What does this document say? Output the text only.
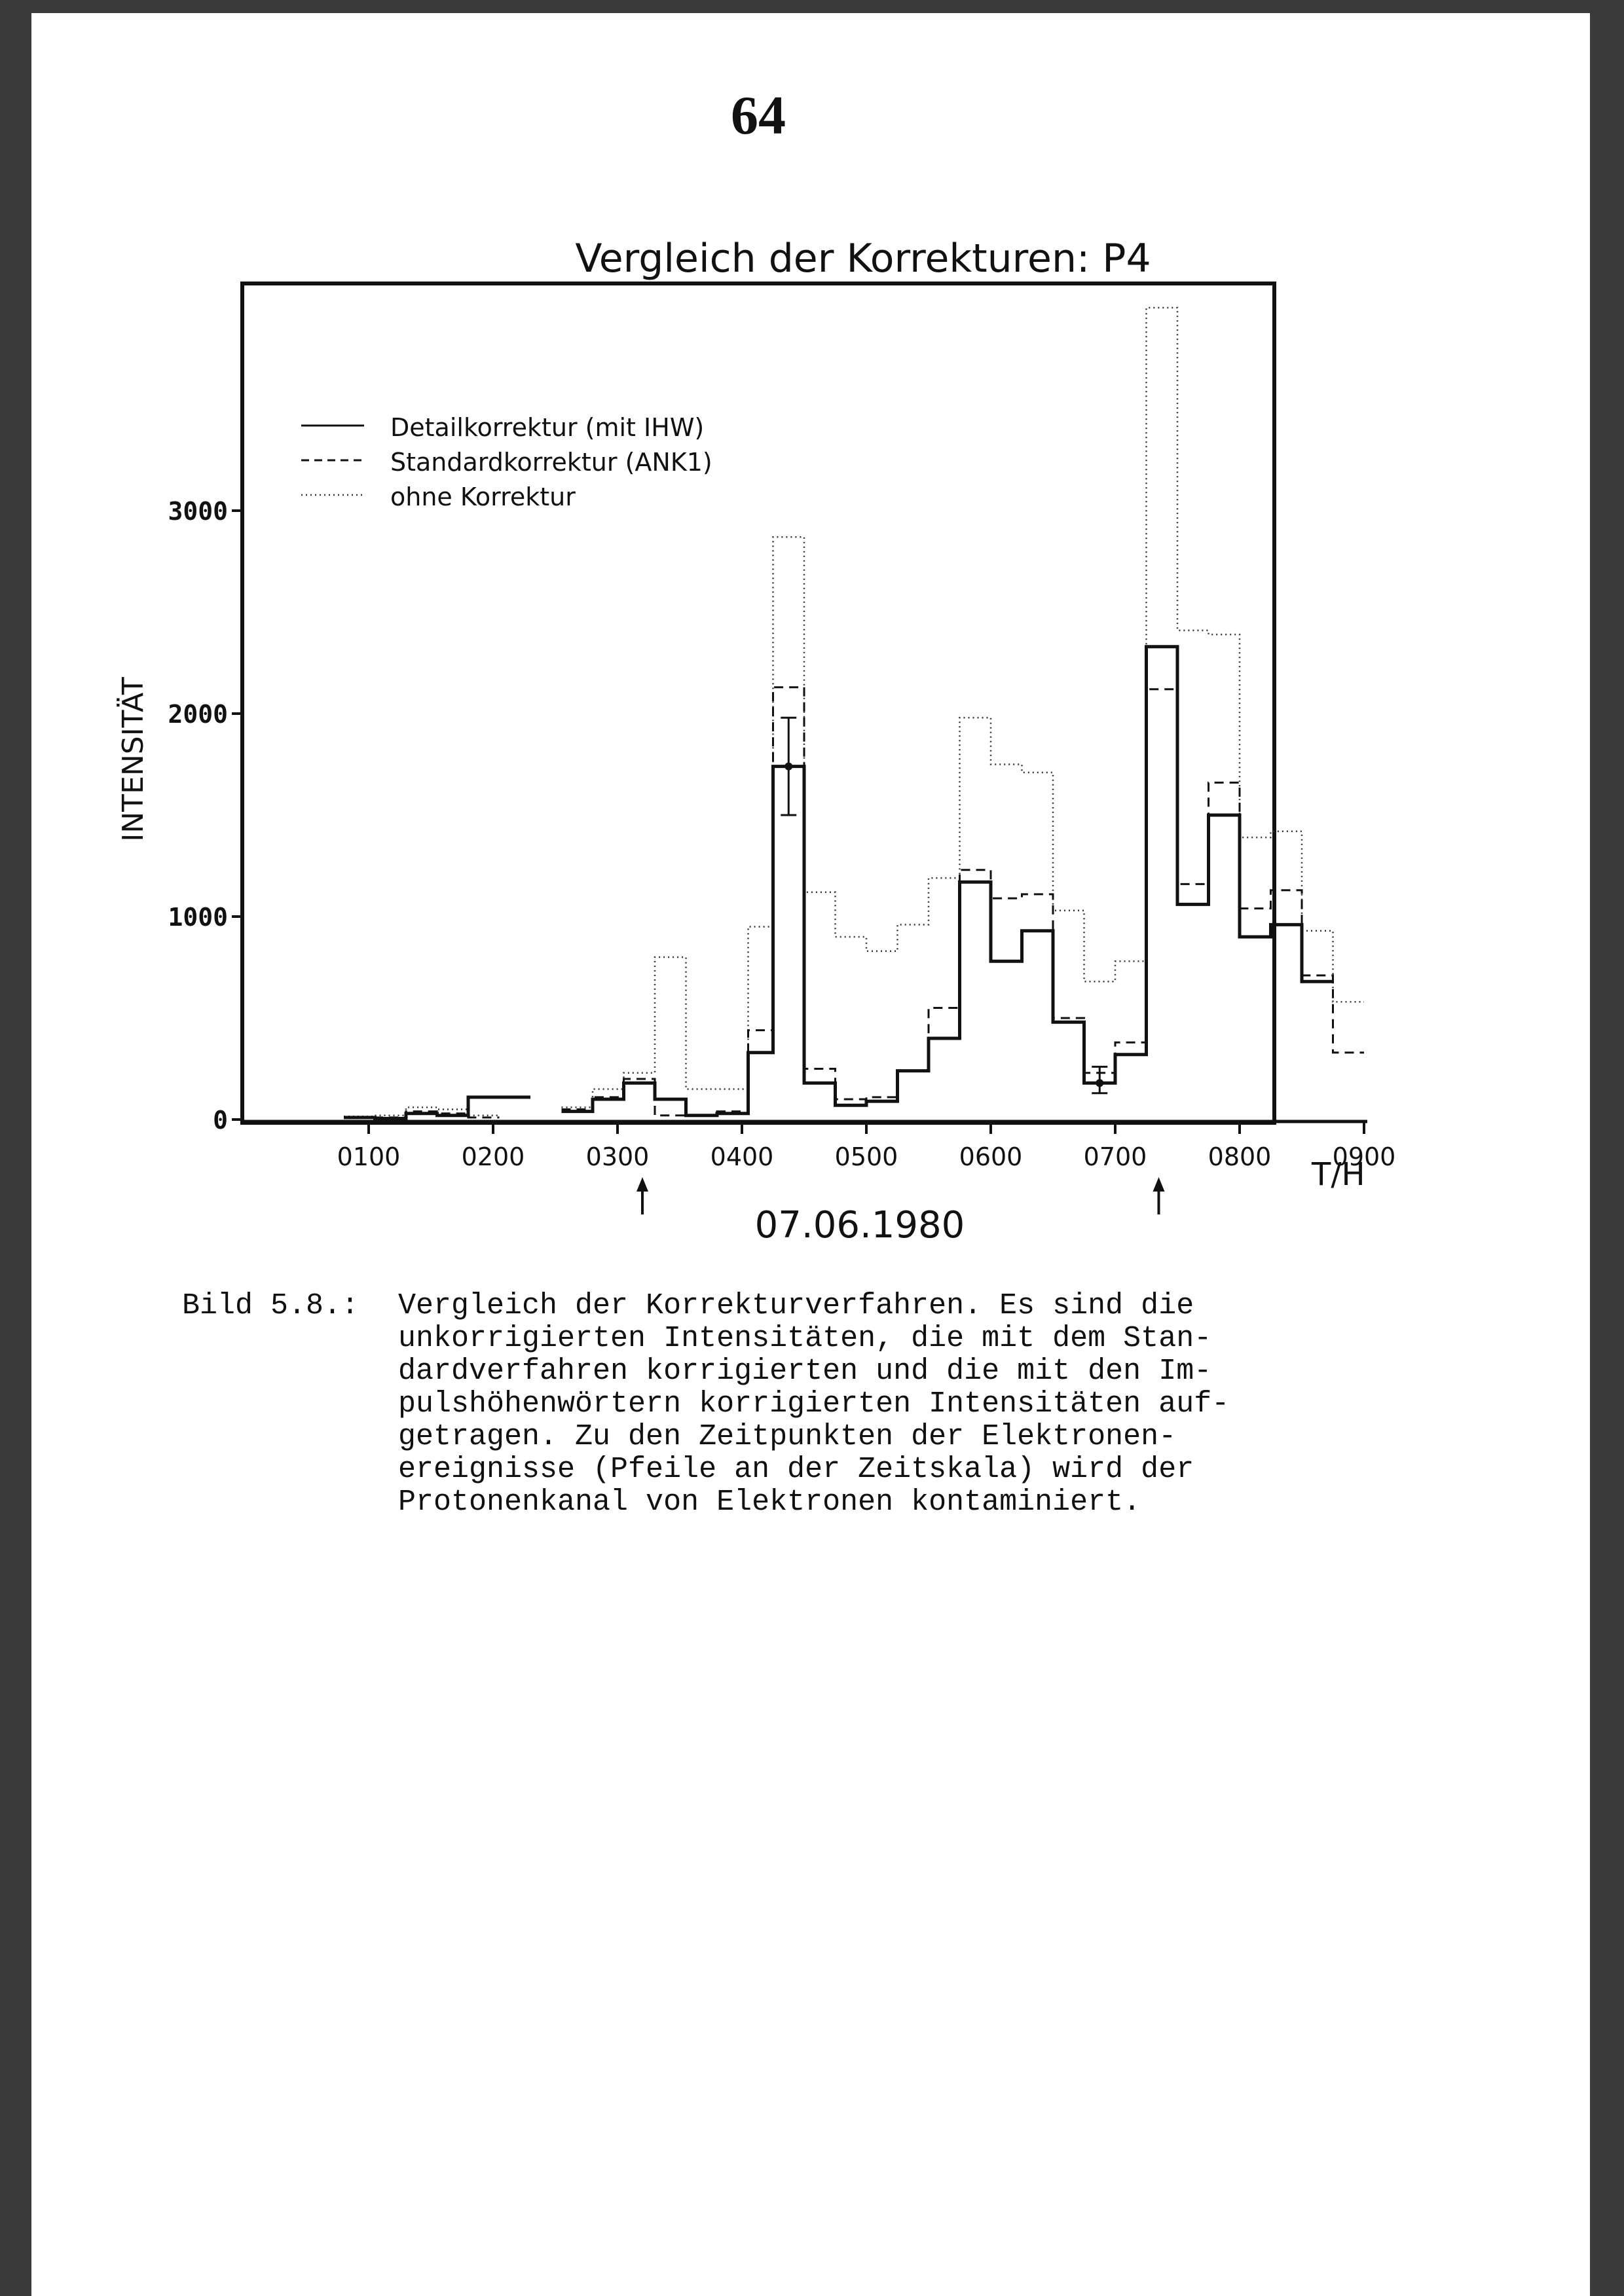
64
Vergleich der Korrekturen: P4
0
1000
2000
3000
0100 0200 0300 0400 0500 0600 0700 0800 0900
INTENSITÄT
T/H
07.06.1980
Detailkorrektur (mit IHW)
Standardkorrektur (ANK1)
ohne Korrektur
Bild 5.8.: Vergleich der Korrekturverfahren. Es sind die
unkorrigierten Intensitäten, die mit dem Stan-
dardverfahren korrigierten und die mit den Im-
pulshöhenwörtern korrigierten Intensitäten auf-
getragen. Zu den Zeitpunkten der Elektronen-
ereignisse (Pfeile an der Zeitskala) wird der
Protonenkanal von Elektronen kontaminiert.
